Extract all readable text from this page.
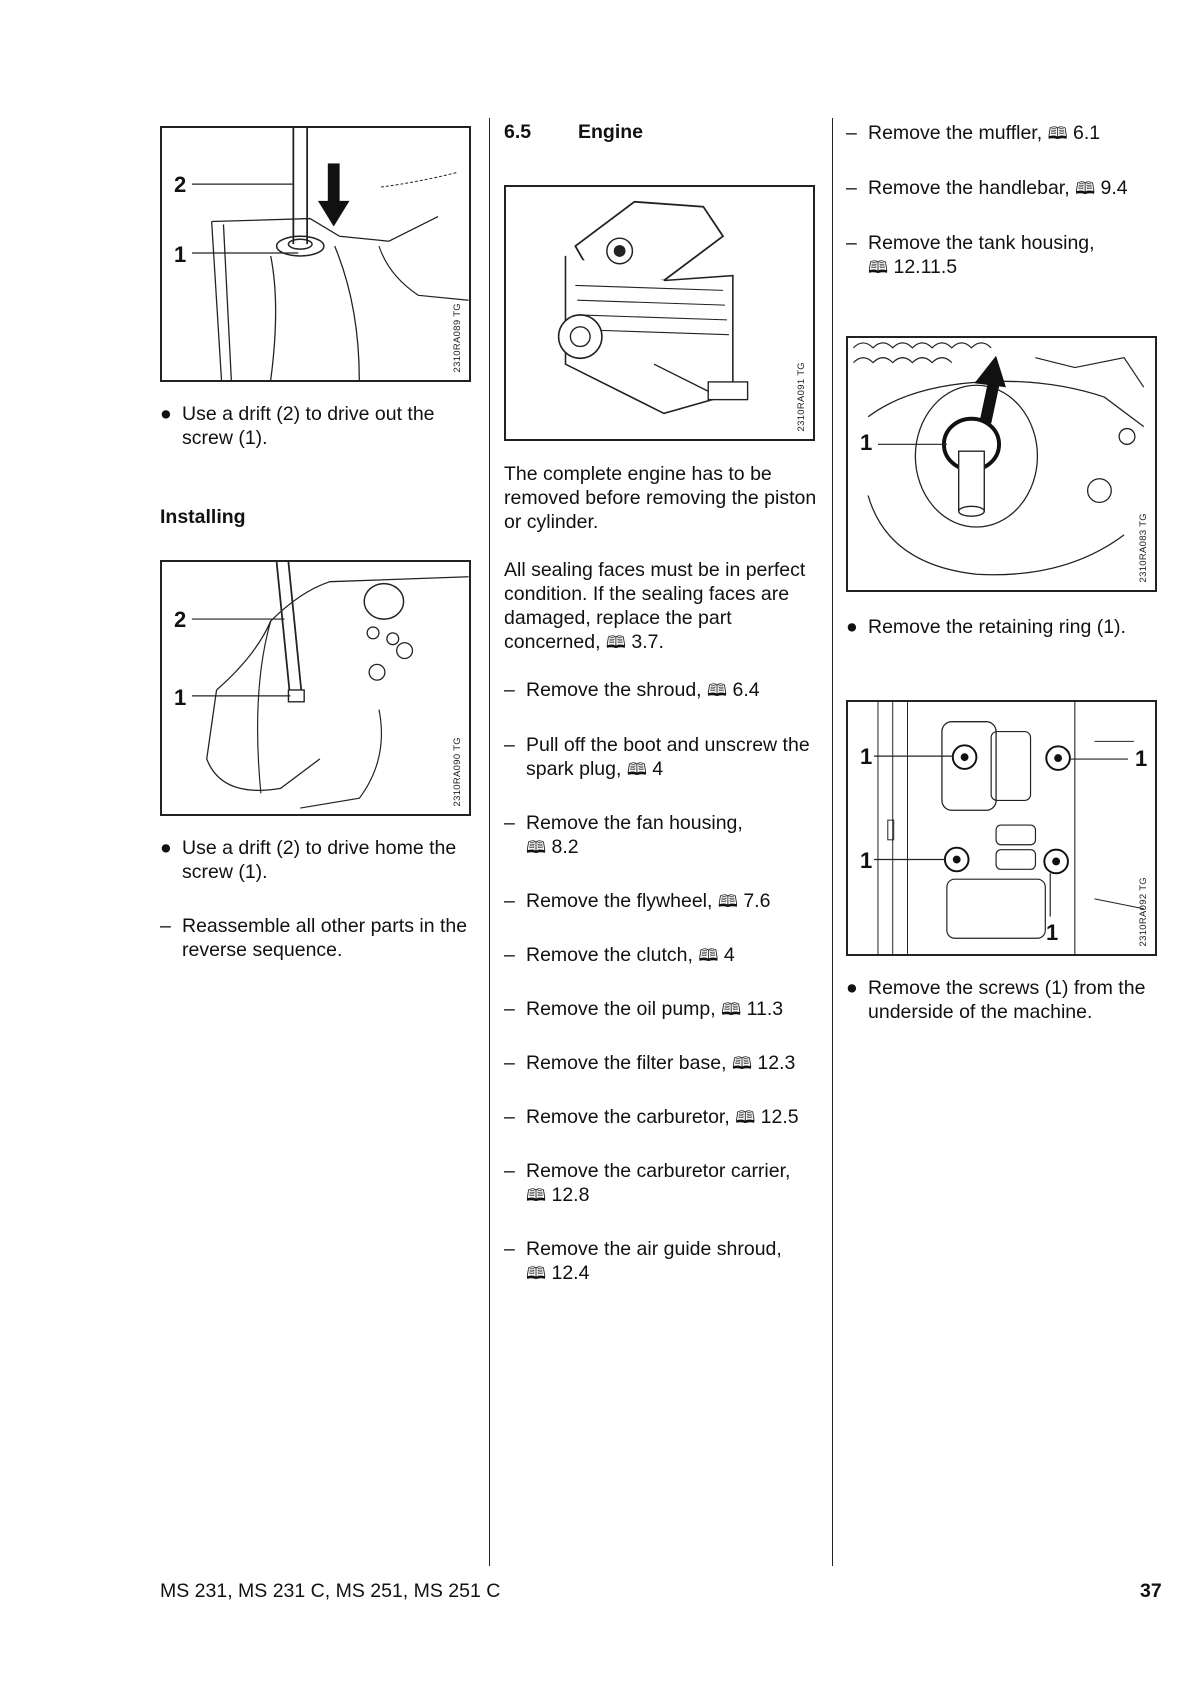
2
1
2310RA089 TG
● Use a drift (2) to drive out the screw (1).
Installing
2
1
2310RA090 TG
● Use a drift (2) to drive home the screw (1).
– Reassemble all other parts in the reverse sequence.
6.5 Engine
2310RA091 TG
The complete engine has to be removed before removing the piston or cylinder.
All sealing faces must be in perfect condition. If the sealing faces are damaged, replace the part concerned, 🕮 3.7.
– Remove the shroud, 🕮 6.4
– Pull off the boot and unscrew the spark plug, 🕮 4
– Remove the fan housing, 🕮 8.2
– Remove the flywheel, 🕮 7.6
– Remove the clutch, 🕮 4
– Remove the oil pump, 🕮 11.3
– Remove the filter base, 🕮 12.3
– Remove the carburetor, 🕮 12.5
– Remove the carburetor carrier, 🕮 12.8
– Remove the air guide shroud, 🕮 12.4
– Remove the muffler, 🕮 6.1
– Remove the handlebar, 🕮 9.4
– Remove the tank housing, 🕮 12.11.5
1
2310RA083 TG
● Remove the retaining ring (1).
1	1
1
1	2310RA092 TG
● Remove the screws (1) from the underside of the machine.
MS 231, MS 231 C, MS 251, MS 251 C	37
